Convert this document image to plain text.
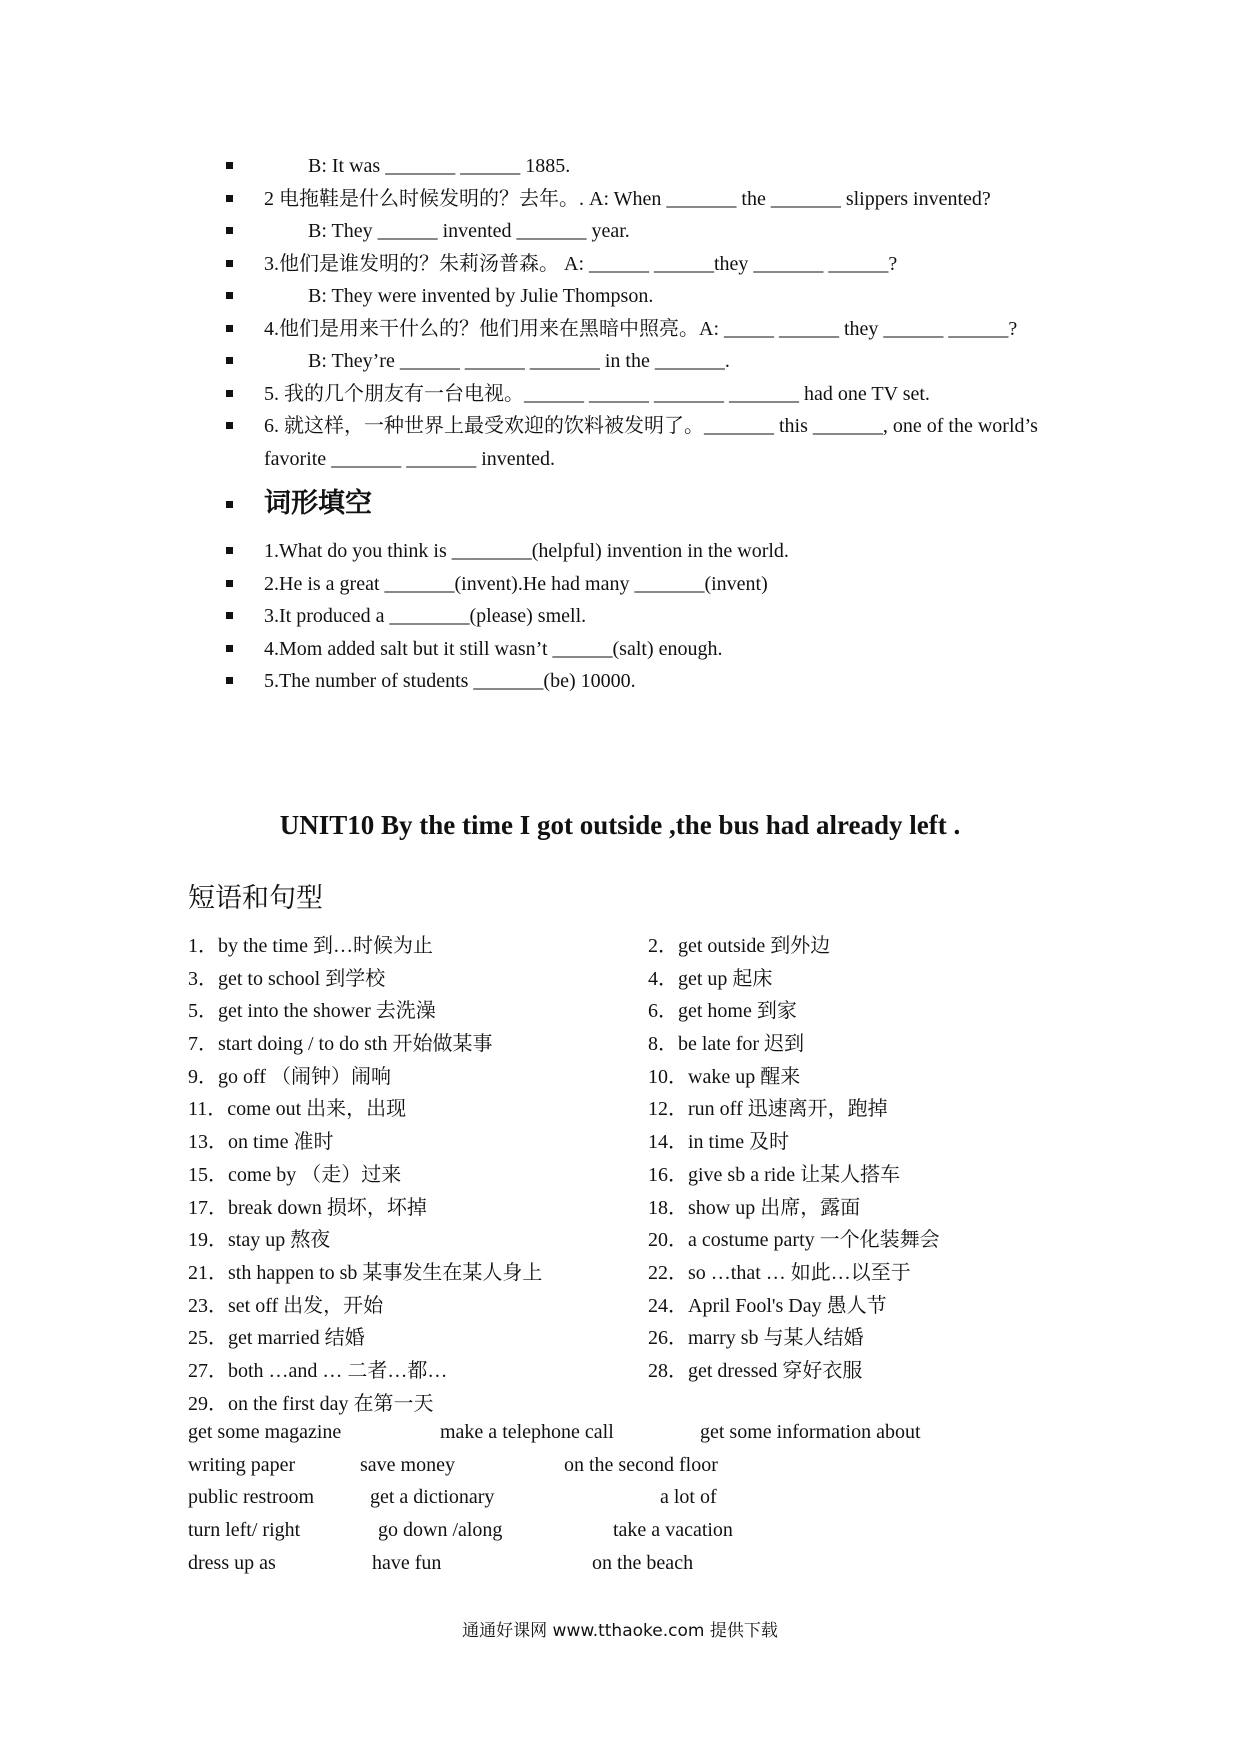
B: It was _______ ______ 1885.
2 电拖鞋是什么时候发明的？去年。. A: When _______ the _______ slippers invented?
B: They ______ invented _______ year.
3.他们是谁发明的？朱莉汤普森。 A: ______ ______they _______ ______?
B: They were invented by Julie Thompson.
4.他们是用来干什么的？他们用来在黑暗中照亮。A: _____ ______ they ______ ______?
B: They’re ______ ______ _______ in the _______.
5. 我的几个朋友有一台电视。______ ______ _______ _______ had one TV set.
6. 就这样，一种世界上最受欢迎的饮料被发明了。_______ this _______, one of the world’s favorite _______ _______ invented.
词形填空
1.What do you think is ________(helpful) invention in the world.
2.He is a great _______(invent).He had many _______(invent)
3.It produced a ________(please) smell.
4.Mom added salt but it still wasn’t ______(salt) enough.
5.The number of students _______(be) 10000.
UNIT10 By the time I got outside ,the bus had already left .
短语和句型
1．by the time 到…时候为止	2．get outside 到外边
3．get to school 到学校	4．get up 起床
5．get into the shower 去洗澡	6．get home 到家
7．start doing / to do sth 开始做某事	8．be late for 迟到
9．go off （闹钟）闹响	10．wake up 醒来
11．come out 出来，出现	12．run off 迅速离开，跑掉
13．on time 准时	14．in time 及时
15．come by （走）过来	16．give sb a ride 让某人搭车
17．break down 损坏，坏掉	18．show up 出席，露面
19．stay up 熬夜	20．a costume party 一个化装舞会
21．sth happen to sb 某事发生在某人身上	22．so …that … 如此…以至于
23．set off 出发，开始	24．April Fool's Day 愚人节
25．get married 结婚	26．marry sb 与某人结婚
27．both …and … 二者…都…	28．get dressed 穿好衣服
29．on the first day 在第一天
get some magazine	make a telephone call	get some information about
writing paper	save money	on the second floor
public restroom	get a dictionary	a lot of
turn left/ right	go down /along	take a vacation
dress up as	have fun	on the beach
通通好课网 www.tthaoke.com 提供下载
